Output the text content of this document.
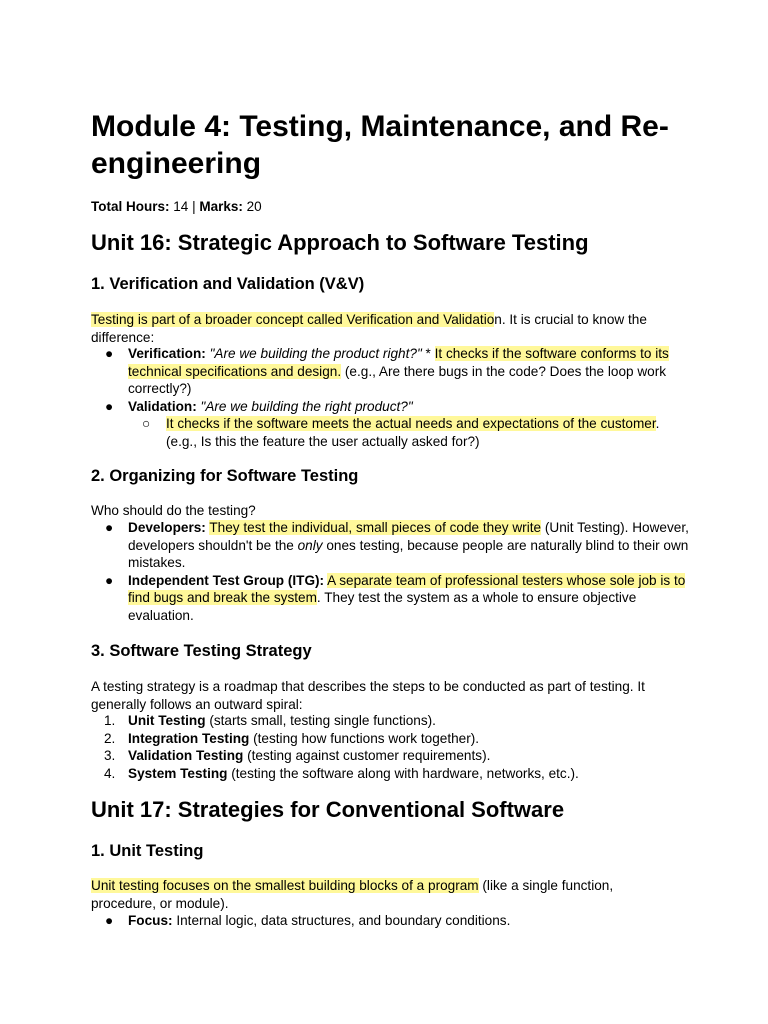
Module 4: Testing, Maintenance, and Re-engineering
Total Hours: 14 | Marks: 20
Unit 16: Strategic Approach to Software Testing
1. Verification and Validation (V&V)

Testing is part of a broader concept called Verification and Validation. It is crucial to know the difference:

● Verification: "Are we building the product right?" * It checks if the software conforms to its technical specifications and design. (e.g., Are there bugs in the code? Does the loop work correctly?)
● Validation: "Are we building the right product?"
○ It checks if the software meets the actual needs and expectations of the customer. (e.g., Is this the feature the user actually asked for?)
2. Organizing for Software Testing

Who should do the testing?

● Developers: They test the individual, small pieces of code they write (Unit Testing). However, developers shouldn't be the only ones testing, because people are naturally blind to their own mistakes.
● Independent Test Group (ITG): A separate team of professional testers whose sole job is to find bugs and break the system. They test the system as a whole to ensure objective evaluation.
3. Software Testing Strategy

A testing strategy is a roadmap that describes the steps to be conducted as part of testing. It generally follows an outward spiral:

1. Unit Testing (starts small, testing single functions).
2. Integration Testing (testing how functions work together).
3. Validation Testing (testing against customer requirements).
4. System Testing (testing the software along with hardware, networks, etc.).
Unit 17: Strategies for Conventional Software
1. Unit Testing

Unit testing focuses on the smallest building blocks of a program (like a single function, procedure, or module).

● Focus: Internal logic, data structures, and boundary conditions.
